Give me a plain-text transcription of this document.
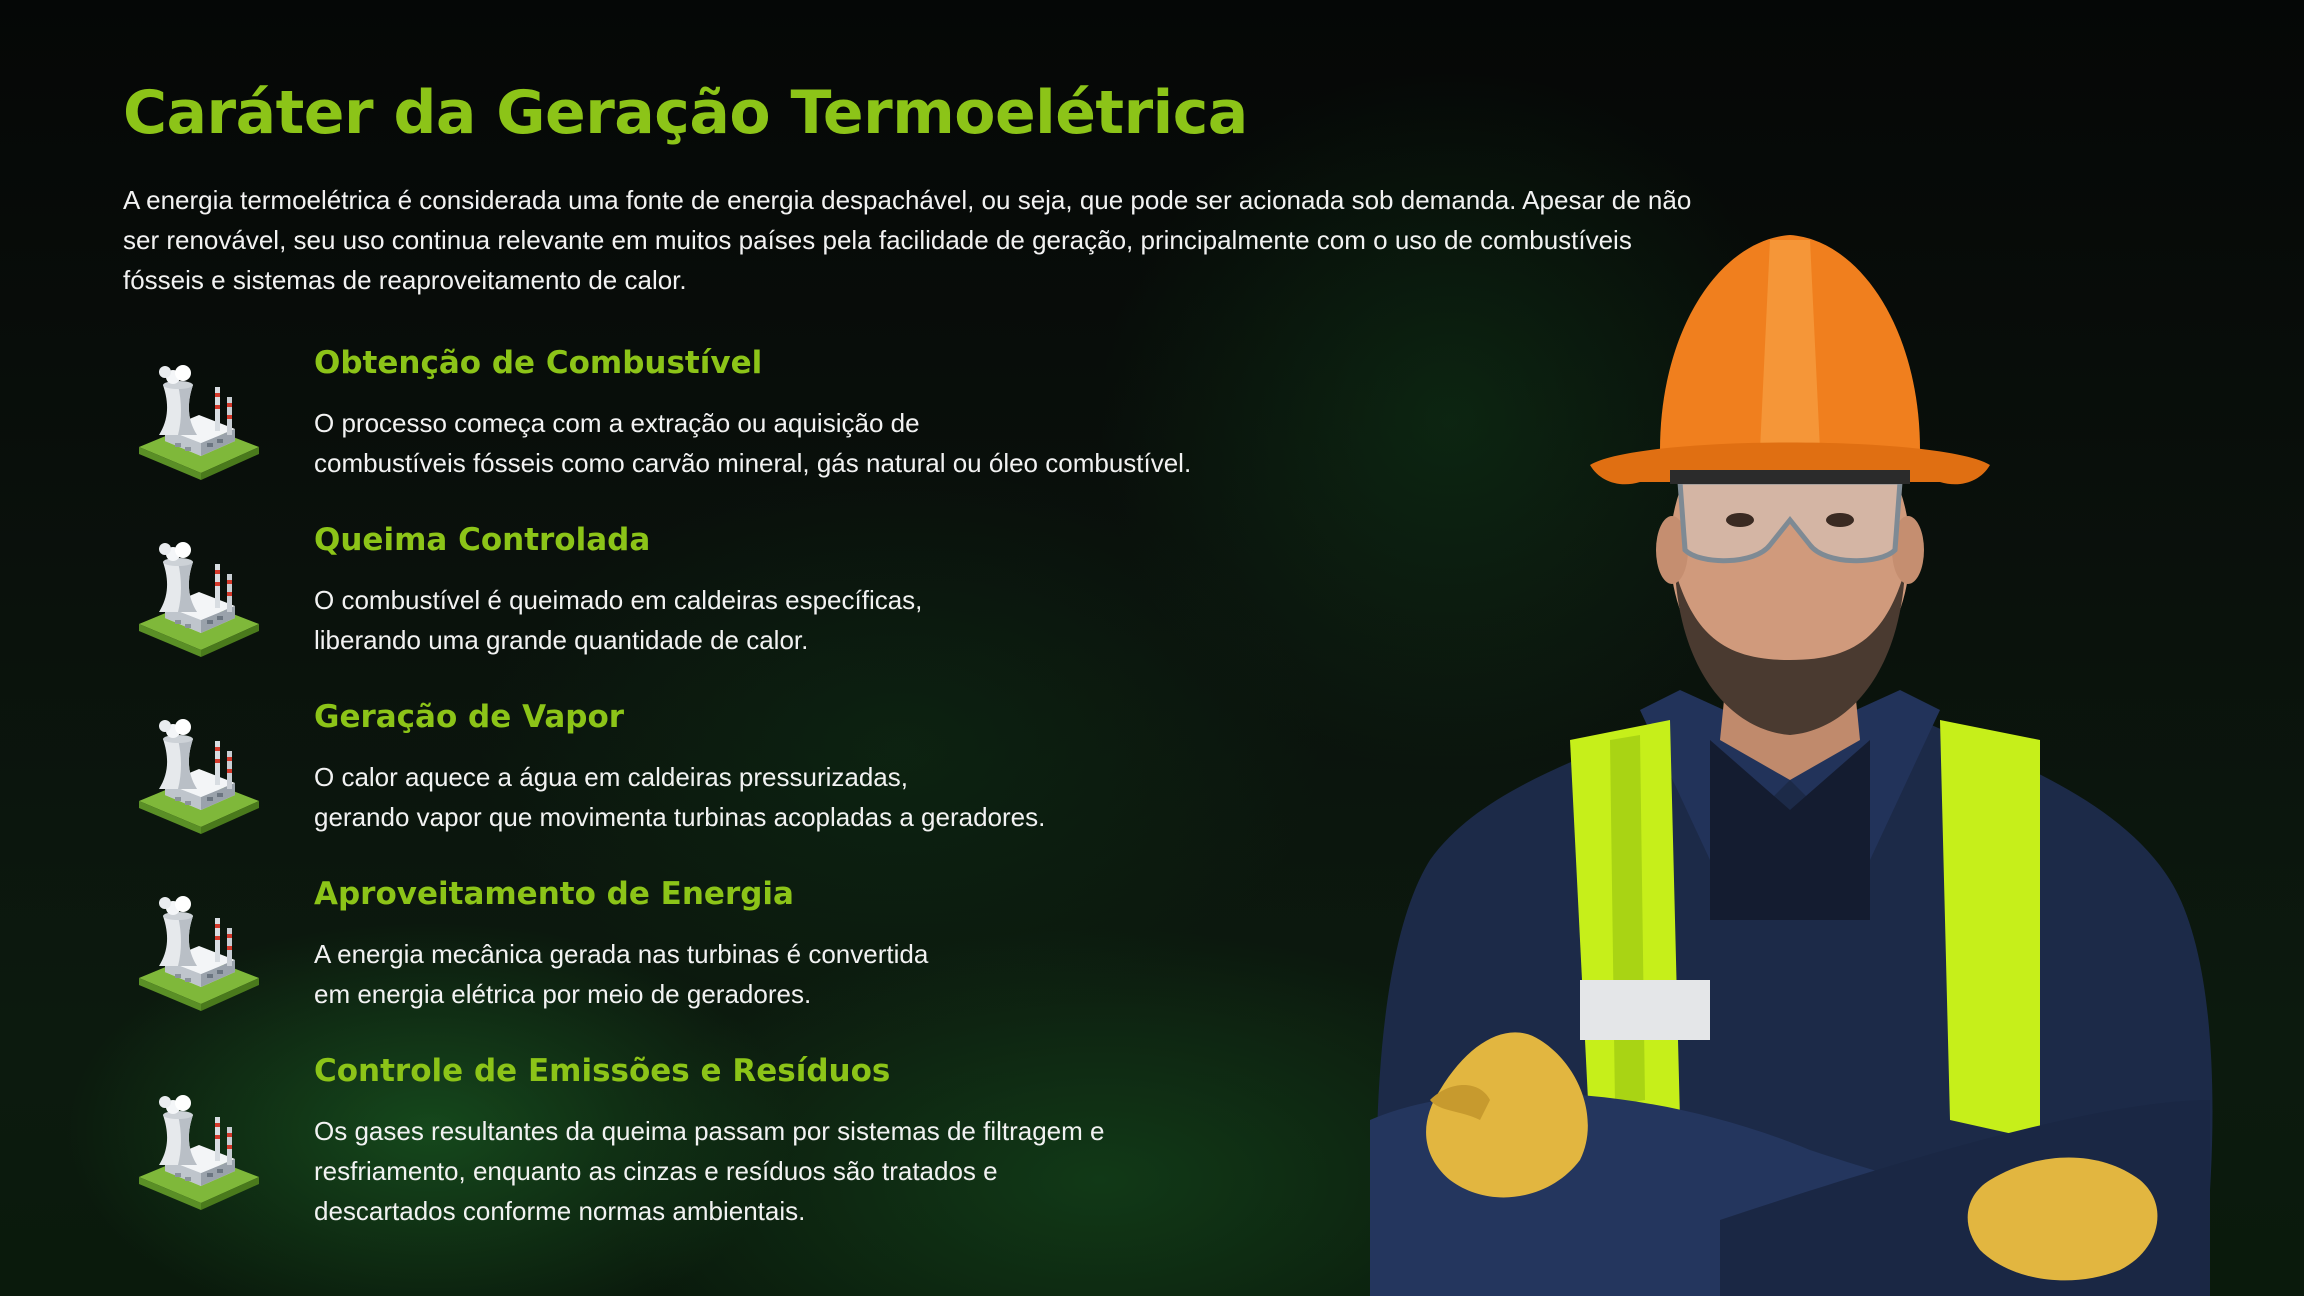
Caráter da Geração Termoelétrica

A energia termoelétrica é considerada uma fonte de energia despachável, ou seja, que pode ser acionada sob demanda. Apesar de não ser renovável, seu uso continua relevante em muitos países pela facilidade de geração, principalmente com o uso de combustíveis fósseis e sistemas de reaproveitamento de calor.

Obtenção de Combustível

O processo começa com a extração ou aquisição de
combustíveis fósseis como carvão mineral, gás natural ou óleo combustível.

Queima Controlada

O combustível é queimado em caldeiras específicas,
liberando uma grande quantidade de calor.

Geração de Vapor

O calor aquece a água em caldeiras pressurizadas,
gerando vapor que movimenta turbinas acopladas a geradores.

Aproveitamento de Energia

A energia mecânica gerada nas turbinas é convertida
em energia elétrica por meio de geradores.

Controle de Emissões e Resíduos

Os gases resultantes da queima passam por sistemas de filtragem e
resfriamento, enquanto as cinzas e resíduos são tratados e
descartados conforme normas ambientais.
